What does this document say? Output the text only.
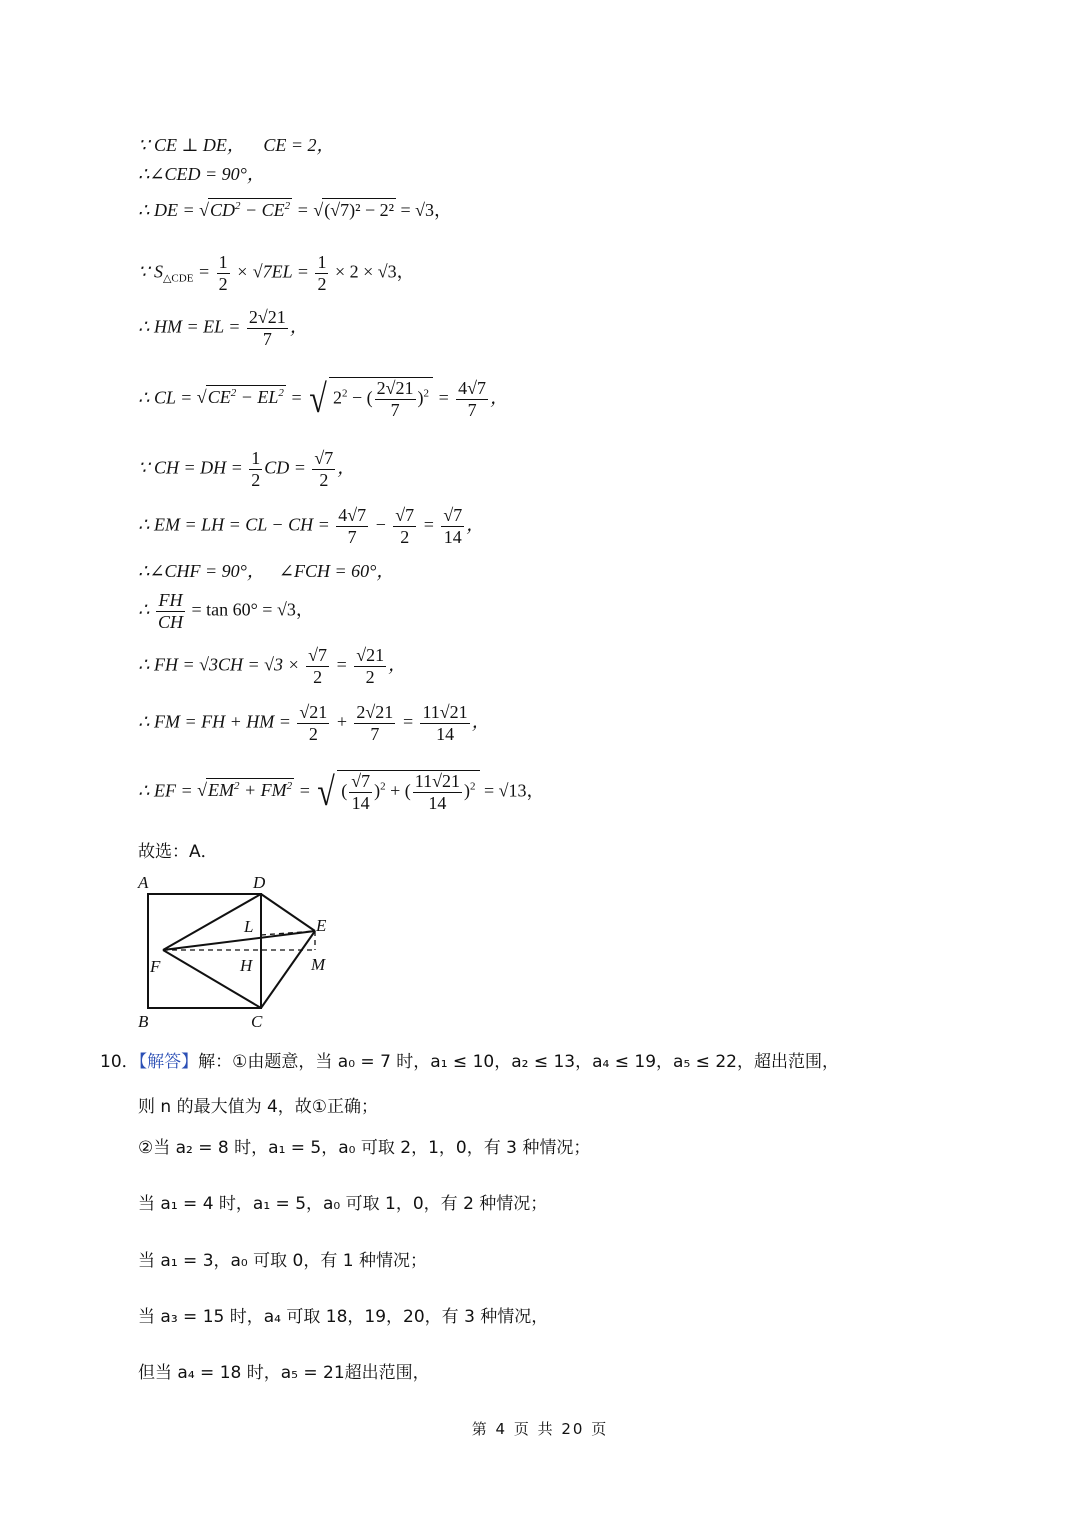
∵ CE ⊥ DE， CE = 2，
∴∠CED = 90°，
∴ DE = $√CD^2 - CE^2 = √(√7)^2 - 2^2 = √3$，
∵ $S_{\triangle CDE} = \frac{1}{2} \times √7EL = \frac{1}{2} \times 2 \times √3$，
∴ HM = EL = $\frac{2√21}{7}$ ，
∴ CL = $√CE^2 - EL^2$ = √ $2^2$ − ( $\frac{2√21}{7} )^2 = \frac{4√7}{7}$ ，
∵ CH = DH = $\frac{1}{2}$ CD = $\frac{√7}{2}$ ，
∴ EM = LH = CL − CH = $\frac{4√7}{7} - \frac{√7}{2} = \frac{√7}{14}$ ，
∴∠CHF = 90°， ∠FCH = 60°，
∴ $\frac{FH}{CH} = \tan 60^\circ = √3$，
∴ FH = $√3CH = √3 \times \frac{√7}{2} = \frac{√21}{2}$ ，
∴ FM = FH + HM = $\frac{√21}{2} + \frac{2√21}{7} = \frac{11√21}{14}$ ，
∴ EF = $√EM^2 + FM^2$ = √ ( $\frac{√7}{14} )^2$ + ( $\frac{11√21}{14} )^2 = √13$，
故选：A．
A	D
E
L
F	H	M
B	C
10．【解答】解：①由题意，当 a₀ = 7 时，a₁ ≤ 10，a₂ ≤ 13，a₄ ≤ 19，a₅ ≤ 22，超出范围，
则 n 的最大值为 4，故①正确；
②当 a₂ = 8 时，a₁ = 5，a₀ 可取 2，1，0，有 3 种情况；
当 a₁ = 4 时，a₁ = 5，a₀ 可取 1，0，有 2 种情况；
当 a₁ = 3，a₀ 可取 0，有 1 种情况；
当 a₃ = 15 时，a₄ 可取 18，19，20，有 3 种情况，
但当 a₄ = 18 时，a₅ = 21超出范围，
第 4 页 共 20 页
